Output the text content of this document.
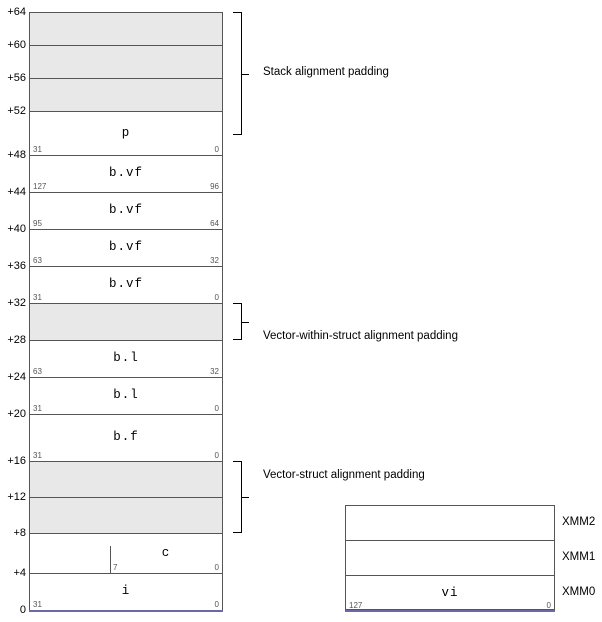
+64
+60
+56
+52
+48
+44
+40
+36
+32
+28
+24
+20
+16
+12
+8
+4
0
p
31	0
b.vf
127	96
b.vf
95	64
b.vf
63	32
b.vf
31	0
b.l
63	32
b.l
31	0
b.f
31	0
c
7	0
i
31	0
Stack alignment padding
Vector-within-struct alignment padding
Vector-struct alignment padding
vi
127	0
XMM2
XMM1
XMM0
